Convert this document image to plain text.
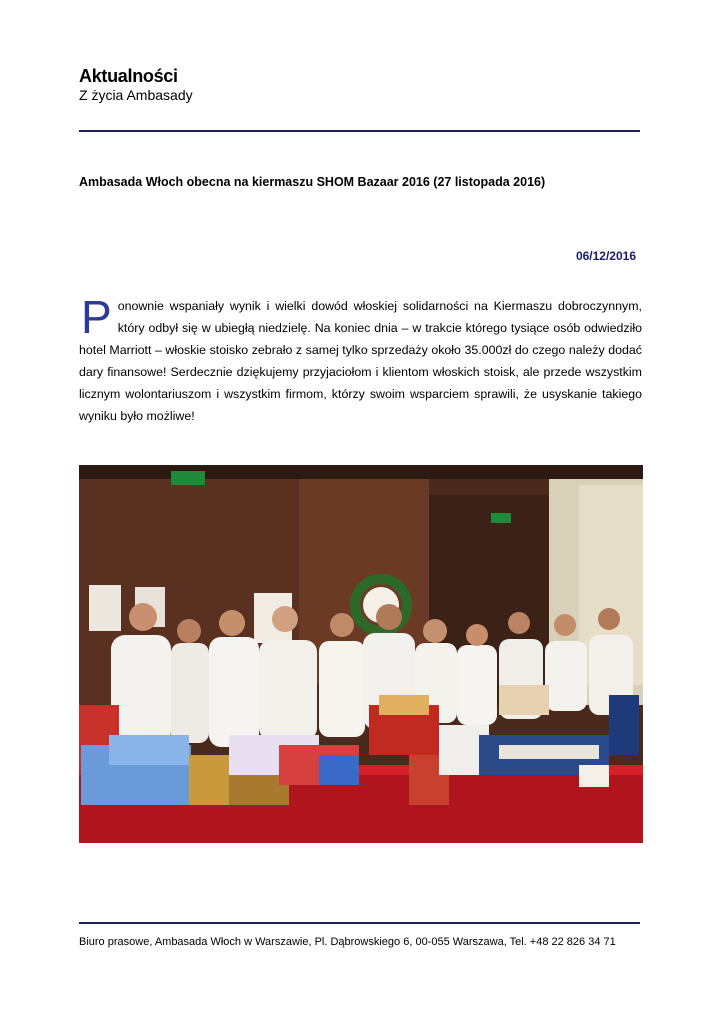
Aktualności
Z życia Ambasady
Ambasada Włoch obecna na kiermaszu SHOM Bazaar 2016 (27 listopada 2016)
06/12/2016
Ponownie wspaniały wynik i wielki dowód włoskiej solidarności na Kiermaszu dobroczynnym, który odbył się w ubiegłą niedzielę. Na koniec dnia – w trakcie którego tysiące osób odwiedziło hotel Marriott – włoskie stoisko zebrało z samej tylko sprzedaży około 35.000zł do czego należy dodać dary finansowe! Serdecznie dziękujemy przyjaciołom i klientom włoskich stoisk, ale przede wszystkim licznym wolontariuszom i wszystkim firmom, którzy swoim wsparciem sprawili, że usyskanie takiego wyniku było możliwe!
Biuro prasowe, Ambasada Włoch w Warszawie, Pl. Dąbrowskiego 6, 00-055 Warszawa, Tel. +48 22 826 34 71
